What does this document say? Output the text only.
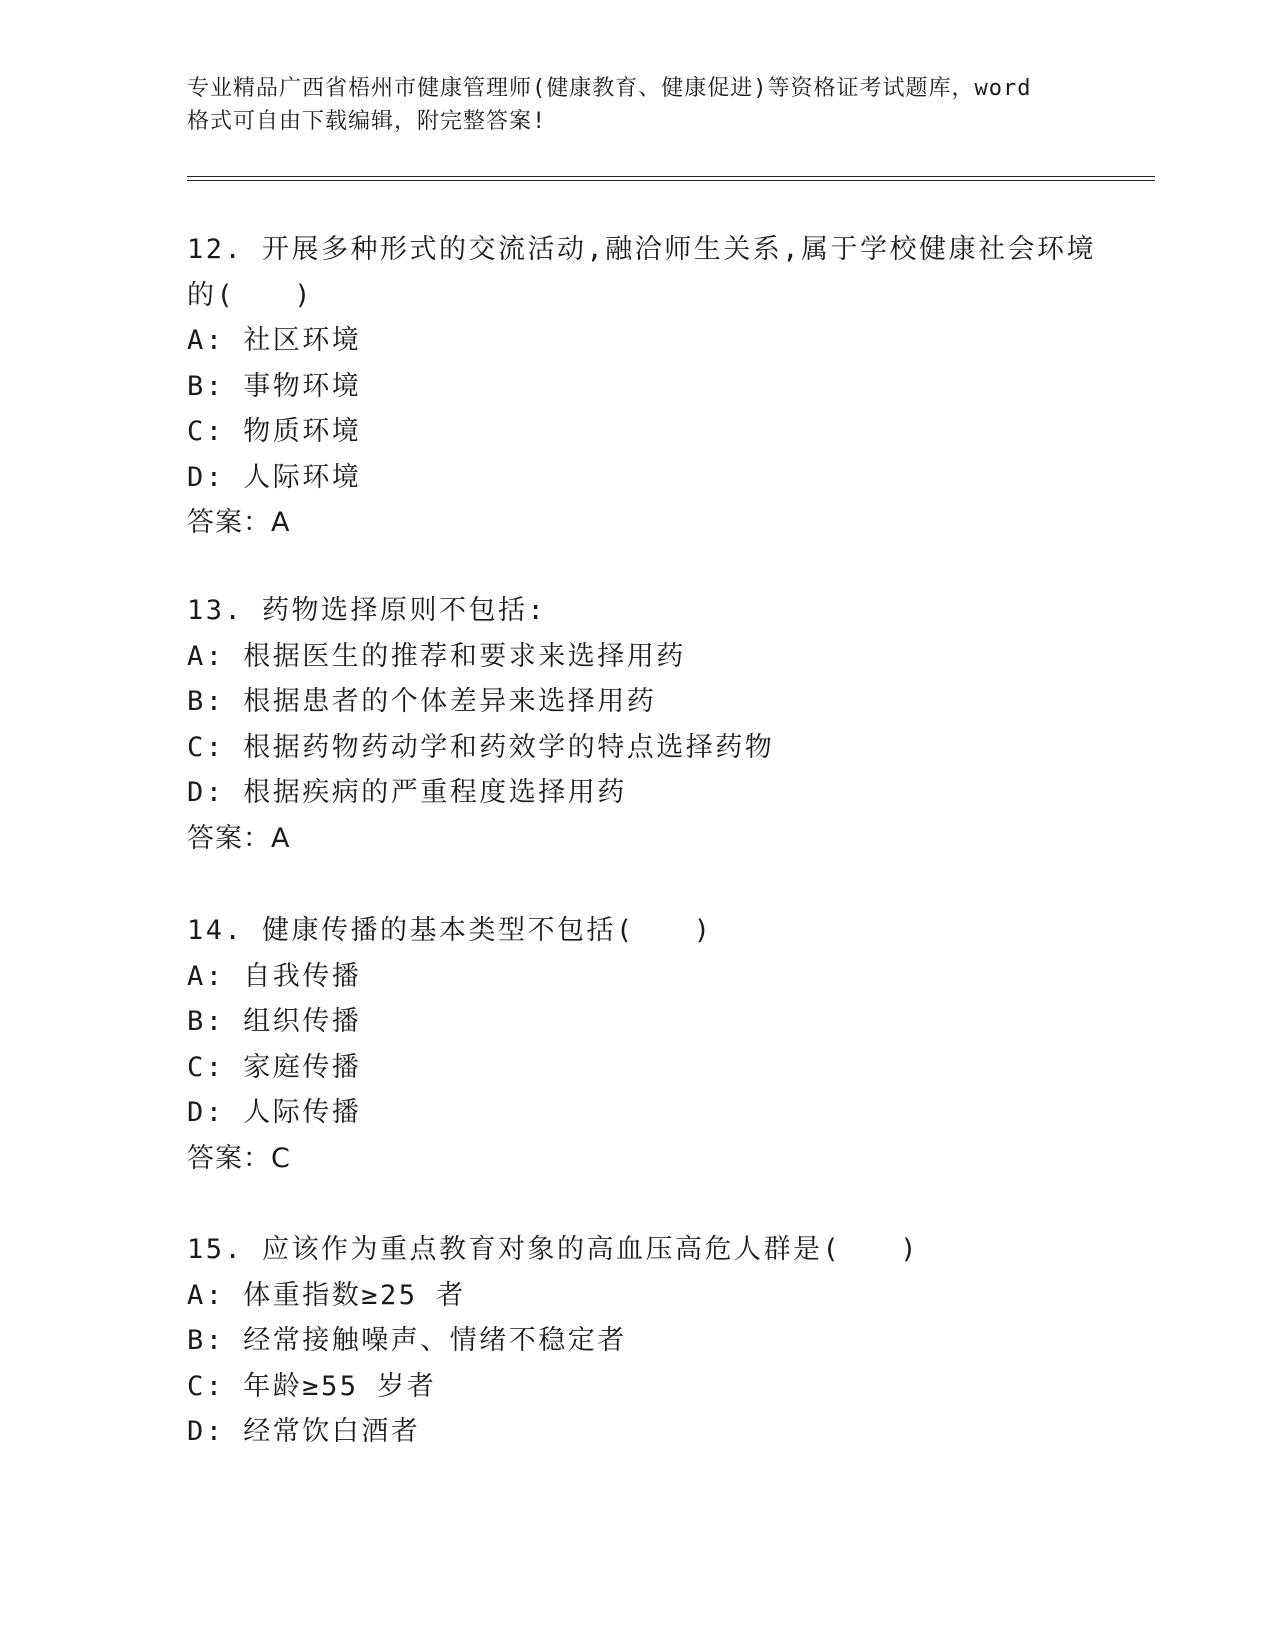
专业精品广西省梧州市健康管理师(健康教育、健康促进)等资格证考试题库，word
格式可自由下载编辑，附完整答案!
12. 开展多种形式的交流活动,融洽师生关系,属于学校健康社会环境
的(　　)
A: 社区环境
B: 事物环境
C: 物质环境
D: 人际环境
答案：A
13. 药物选择原则不包括:
A: 根据医生的推荐和要求来选择用药
B: 根据患者的个体差异来选择用药
C: 根据药物药动学和药效学的特点选择药物
D: 根据疾病的严重程度选择用药
答案：A
14. 健康传播的基本类型不包括(　　)
A: 自我传播
B: 组织传播
C: 家庭传播
D: 人际传播
答案：C
15. 应该作为重点教育对象的高血压高危人群是(　　)
A: 体重指数≥25 者
B: 经常接触噪声、情绪不稳定者
C: 年龄≥55 岁者
D: 经常饮白酒者
